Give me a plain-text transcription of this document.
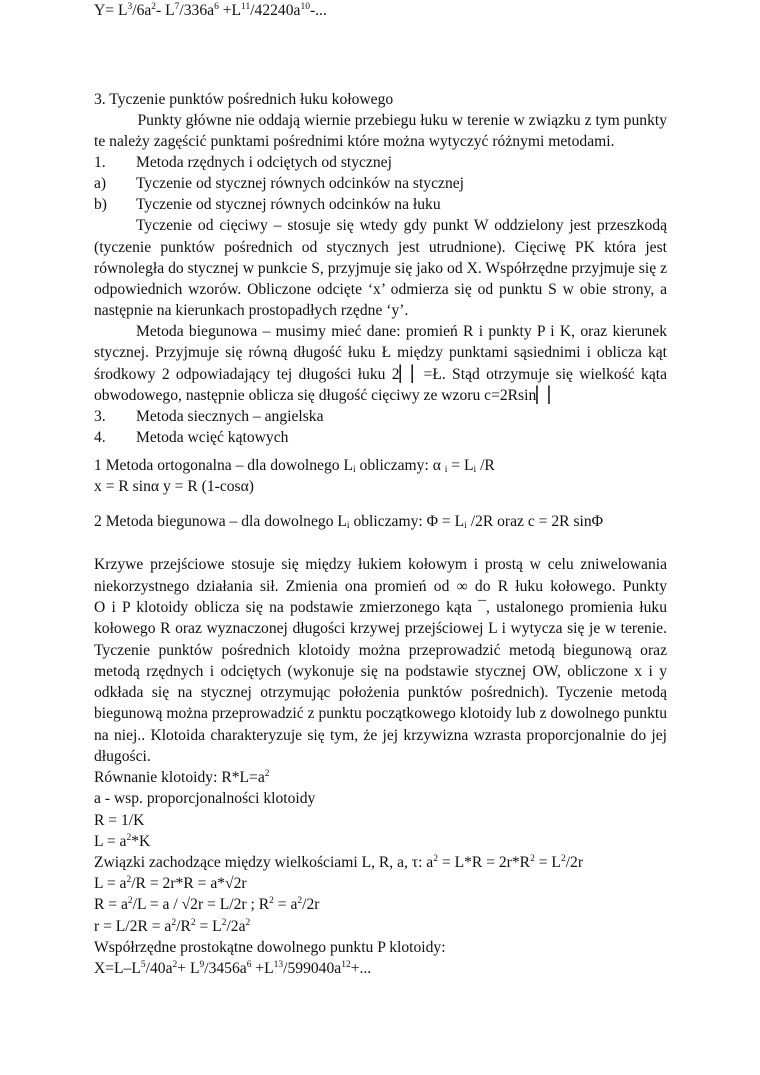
3. Tyczenie punktów pośrednich łuku kołowego
Punkty główne nie oddają wiernie przebiegu łuku w terenie w związku z tym punkty
te należy zagęścić punktami pośrednimi które można wytyczyć różnymi metodami.
1. Metoda rzędnych i odciętych od stycznej
a) Tyczenie od stycznej równych odcinków na stycznej
b) Tyczenie od stycznej równych odcinków na łuku
Tyczenie od cięciwy – stosuje się wtedy gdy punkt W oddzielony jest przeszkodą
(tyczenie punktów pośrednich od stycznych jest utrudnione). Cięciwę PK która jest
równoległa do stycznej w punkcie S, przyjmuje się jako od X. Współrzędne przyjmuje się z
odpowiednich wzorów. Obliczone odcięte ‘x’ odmierza się od punktu S w obie strony, a
następnie na kierunkach prostopadłych rzędne ‘y’.
Metoda biegunowa – musimy mieć dane: promień R i punkty P i K, oraz kierunek
stycznej. Przyjmuje się równą długość łuku Ł między punktami sąsiednimi i oblicza kąt
środkowy 2 odpowiadający tej długości łuku 2▏▏=Ł. Stąd otrzymuje się wielkość kąta
obwodowego, następnie oblicza się długość cięciwy ze wzoru c=2Rsin▏▏
3. Metoda siecznych – angielska
4. Metoda wcięć kątowych
1 Metoda ortogonalna – dla dowolnego $L_i$ obliczamy: α $_i = L_i$ /R
x = R sinα y = R (1-cosα)
2 Metoda biegunowa – dla dowolnego $L_i$ obliczamy: $\Phi = L_i$ /2R oraz c = 2R sinΦ
Krzywe przejściowe stosuje się między łukiem kołowym i prostą w celu zniwelowania
niekorzystnego działania sił. Zmienia ona promień od ∞ do R łuku kołowego. Punkty
O i P klotoidy oblicza się na podstawie zmierzonego kąta ¯, ustalonego promienia łuku
kołowego R oraz wyznaczonej długości krzywej przejściowej L i wytycza się je w terenie.
Tyczenie punktów pośrednich klotoidy można przeprowadzić metodą biegunową oraz
metodą rzędnych i odciętych (wykonuje się na podstawie stycznej OW, obliczone x i y
odkłada się na stycznej otrzymując położenia punktów pośrednich). Tyczenie metodą
biegunową można przeprowadzić z punktu początkowego klotoidy lub z dowolnego punktu
na niej.. Klotoida charakteryzuje się tym, że jej krzywizna wzrasta proporcjonalnie do jej
długości.
Równanie klotoidy: $R*L=a^2$
a - wsp. proporcjonalności klotoidy
R = 1/K
$L = a^2*K$
Związki zachodzące między wielkościami L, R, a, τ: $a^2 = L*R = 2r*R^2 = L^2/2r$
$L = a^2/R = 2r*R = a*√2r$
$R = a^2/L = a / √2r = L/2r$ ; $R^2 = a^2/2r$
$r = L/2R = a^2/R^2 = L^2/2a^2$
Współrzędne prostokątne dowolnego punktu P klotoidy:
$X=L-L^5/40a^2+ L^9/3456a^6 +L^{13}/599040a^{12}+$...
$Y= L^3/6a^2-$ $L^7/336a^6 +L^{11}/42240a^{10}-$...
